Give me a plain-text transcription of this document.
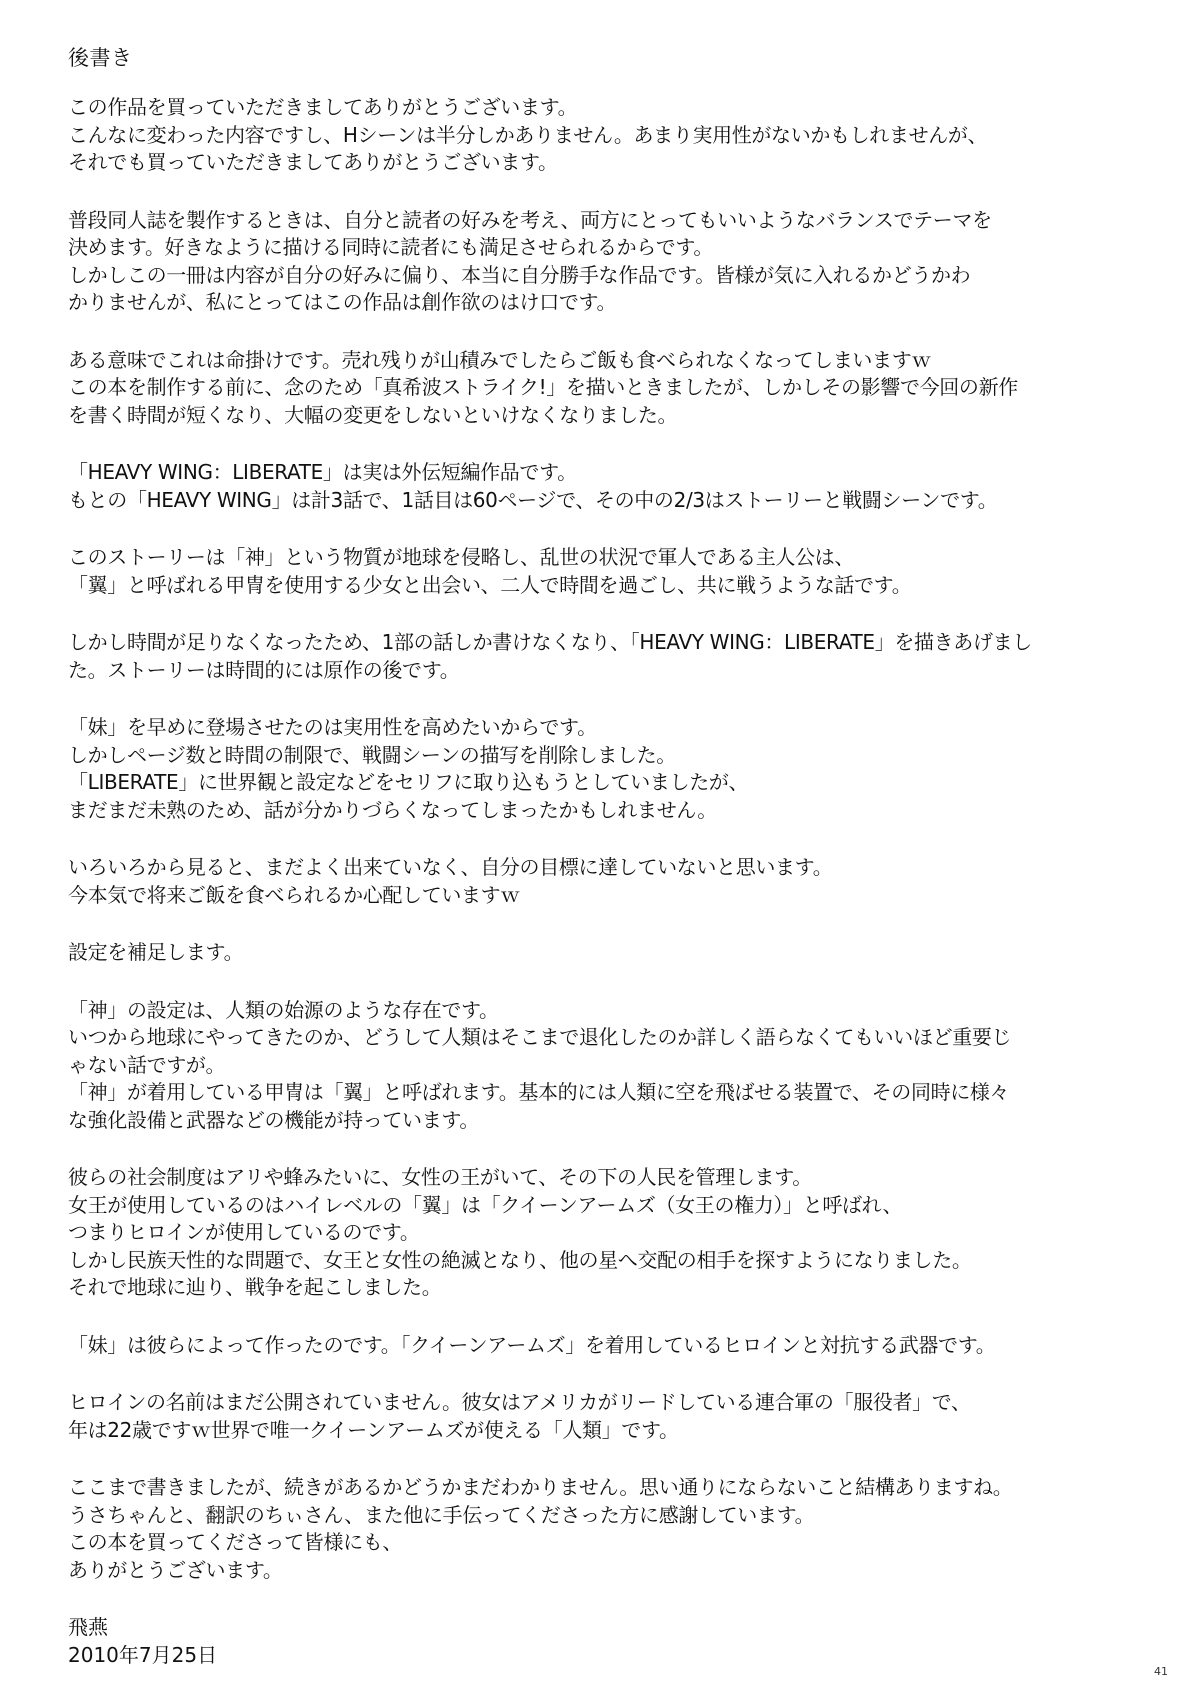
後書き
この作品を買っていただきましてありがとうございます。
こんなに変わった内容ですし、Hシーンは半分しかありません。あまり実用性がないかもしれませんが、
それでも買っていただきましてありがとうございます。
普段同人誌を製作するときは、自分と読者の好みを考え、両方にとってもいいようなバランスでテーマを
決めます。好きなように描ける同時に読者にも満足させられるからです。
しかしこの一冊は内容が自分の好みに偏り、本当に自分勝手な作品です。皆様が気に入れるかどうかわ
かりませんが、私にとってはこの作品は創作欲のはけ口です。
ある意味でこれは命掛けです。売れ残りが山積みでしたらご飯も食べられなくなってしまいますｗ
この本を制作する前に、念のため「真希波ストライク!」を描いときましたが、しかしその影響で今回の新作
を書く時間が短くなり、大幅の変更をしないといけなくなりました。
「HEAVY WING：LIBERATE」は実は外伝短編作品です。
もとの「HEAVY WING」は計3話で、1話目は60ページで、その中の2/3はストーリーと戦闘シーンです。
このストーリーは「神」という物質が地球を侵略し、乱世の状況で軍人である主人公は、
「翼」と呼ばれる甲冑を使用する少女と出会い、二人で時間を過ごし、共に戦うような話です。
しかし時間が足りなくなったため、1部の話しか書けなくなり、「HEAVY WING：LIBERATE」を描きあげまし
た。ストーリーは時間的には原作の後です。
「妹」を早めに登場させたのは実用性を高めたいからです。
しかしページ数と時間の制限で、戦闘シーンの描写を削除しました。
「LIBERATE」に世界観と設定などをセリフに取り込もうとしていましたが、
まだまだ未熟のため、話が分かりづらくなってしまったかもしれません。
いろいろから見ると、まだよく出来ていなく、自分の目標に達していないと思います。
今本気で将来ご飯を食べられるか心配していますｗ
設定を補足します。
「神」の設定は、人類の始源のような存在です。
いつから地球にやってきたのか、どうして人類はそこまで退化したのか詳しく語らなくてもいいほど重要じ
ゃない話ですが。
「神」が着用している甲冑は「翼」と呼ばれます。基本的には人類に空を飛ばせる装置で、その同時に様々
な強化設備と武器などの機能が持っています。
彼らの社会制度はアリや蜂みたいに、女性の王がいて、その下の人民を管理します。
女王が使用しているのはハイレベルの「翼」は「クイーンアームズ（女王の権力）」と呼ばれ、
つまりヒロインが使用しているのです。
しかし民族天性的な問題で、女王と女性の絶滅となり、他の星へ交配の相手を探すようになりました。
それで地球に辿り、戦争を起こしました。
「妹」は彼らによって作ったのです。「クイーンアームズ」を着用しているヒロインと対抗する武器です。
ヒロインの名前はまだ公開されていません。彼女はアメリカがリードしている連合軍の「服役者」で、
年は22歳ですｗ世界で唯一クイーンアームズが使える「人類」です。
ここまで書きましたが、続きがあるかどうかまだわかりません。思い通りにならないこと結構ありますね。
うさちゃんと、翻訳のちぃさん、また他に手伝ってくださった方に感謝しています。
この本を買ってくださって皆様にも、
ありがとうございます。
飛燕
2010年7月25日
41
